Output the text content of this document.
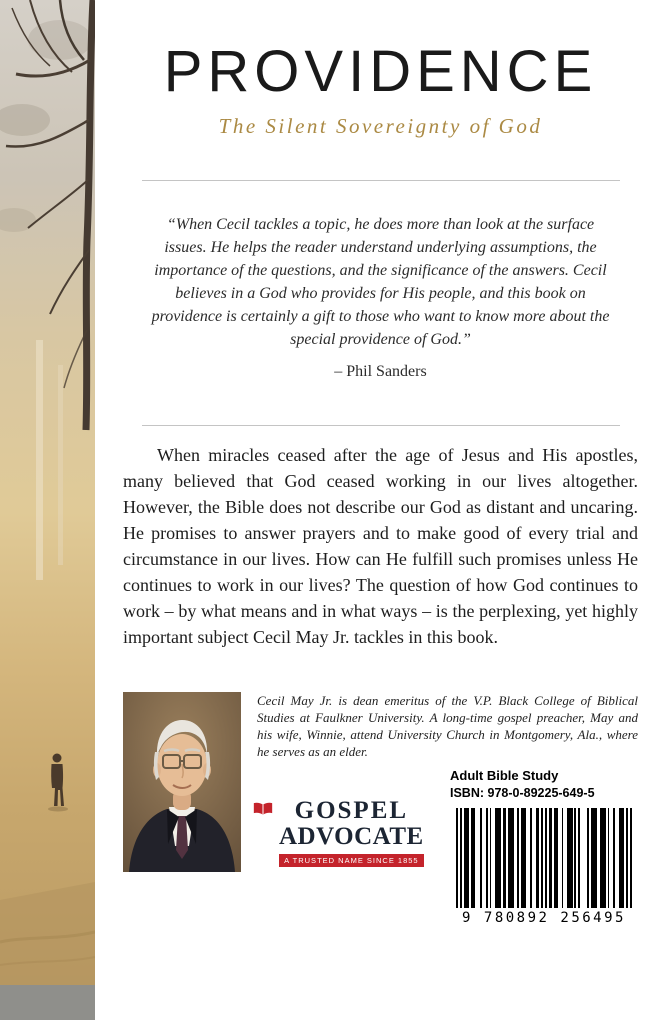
PROVIDENCE
The Silent Sovereignty of God
“When Cecil tackles a topic, he does more than look at the surface issues. He helps the reader understand underlying assumptions, the importance of the questions, and the significance of the answers. Cecil believes in a God who provides for His people, and this book on providence is certainly a gift to those who want to know more about the special providence of God.”
– Phil Sanders

When miracles ceased after the age of Jesus and His apostles, many believed that God ceased working in our lives altogether. However, the Bible does not describe our God as distant and uncaring. He promises to answer prayers and to make good of every trial and circumstance in our lives. How can He fulfill such promises unless He continues to work in our lives? The question of how God continues to work – by what means and in what ways – is the perplexing, yet highly important subject Cecil May Jr. tackles in this book.

Cecil May Jr. is dean emeritus of the V.P. Black College of Biblical Studies at Faulkner University. A long-time gospel preacher, May and his wife, Winnie, attend University Church in Montgomery, Ala., where he serves as an elder.
GOSPEL
ADVOCATE
A TRUSTED NAME SINCE 1855
Adult Bible Study
ISBN: 978-0-89225-649-5
9 780892 256495
